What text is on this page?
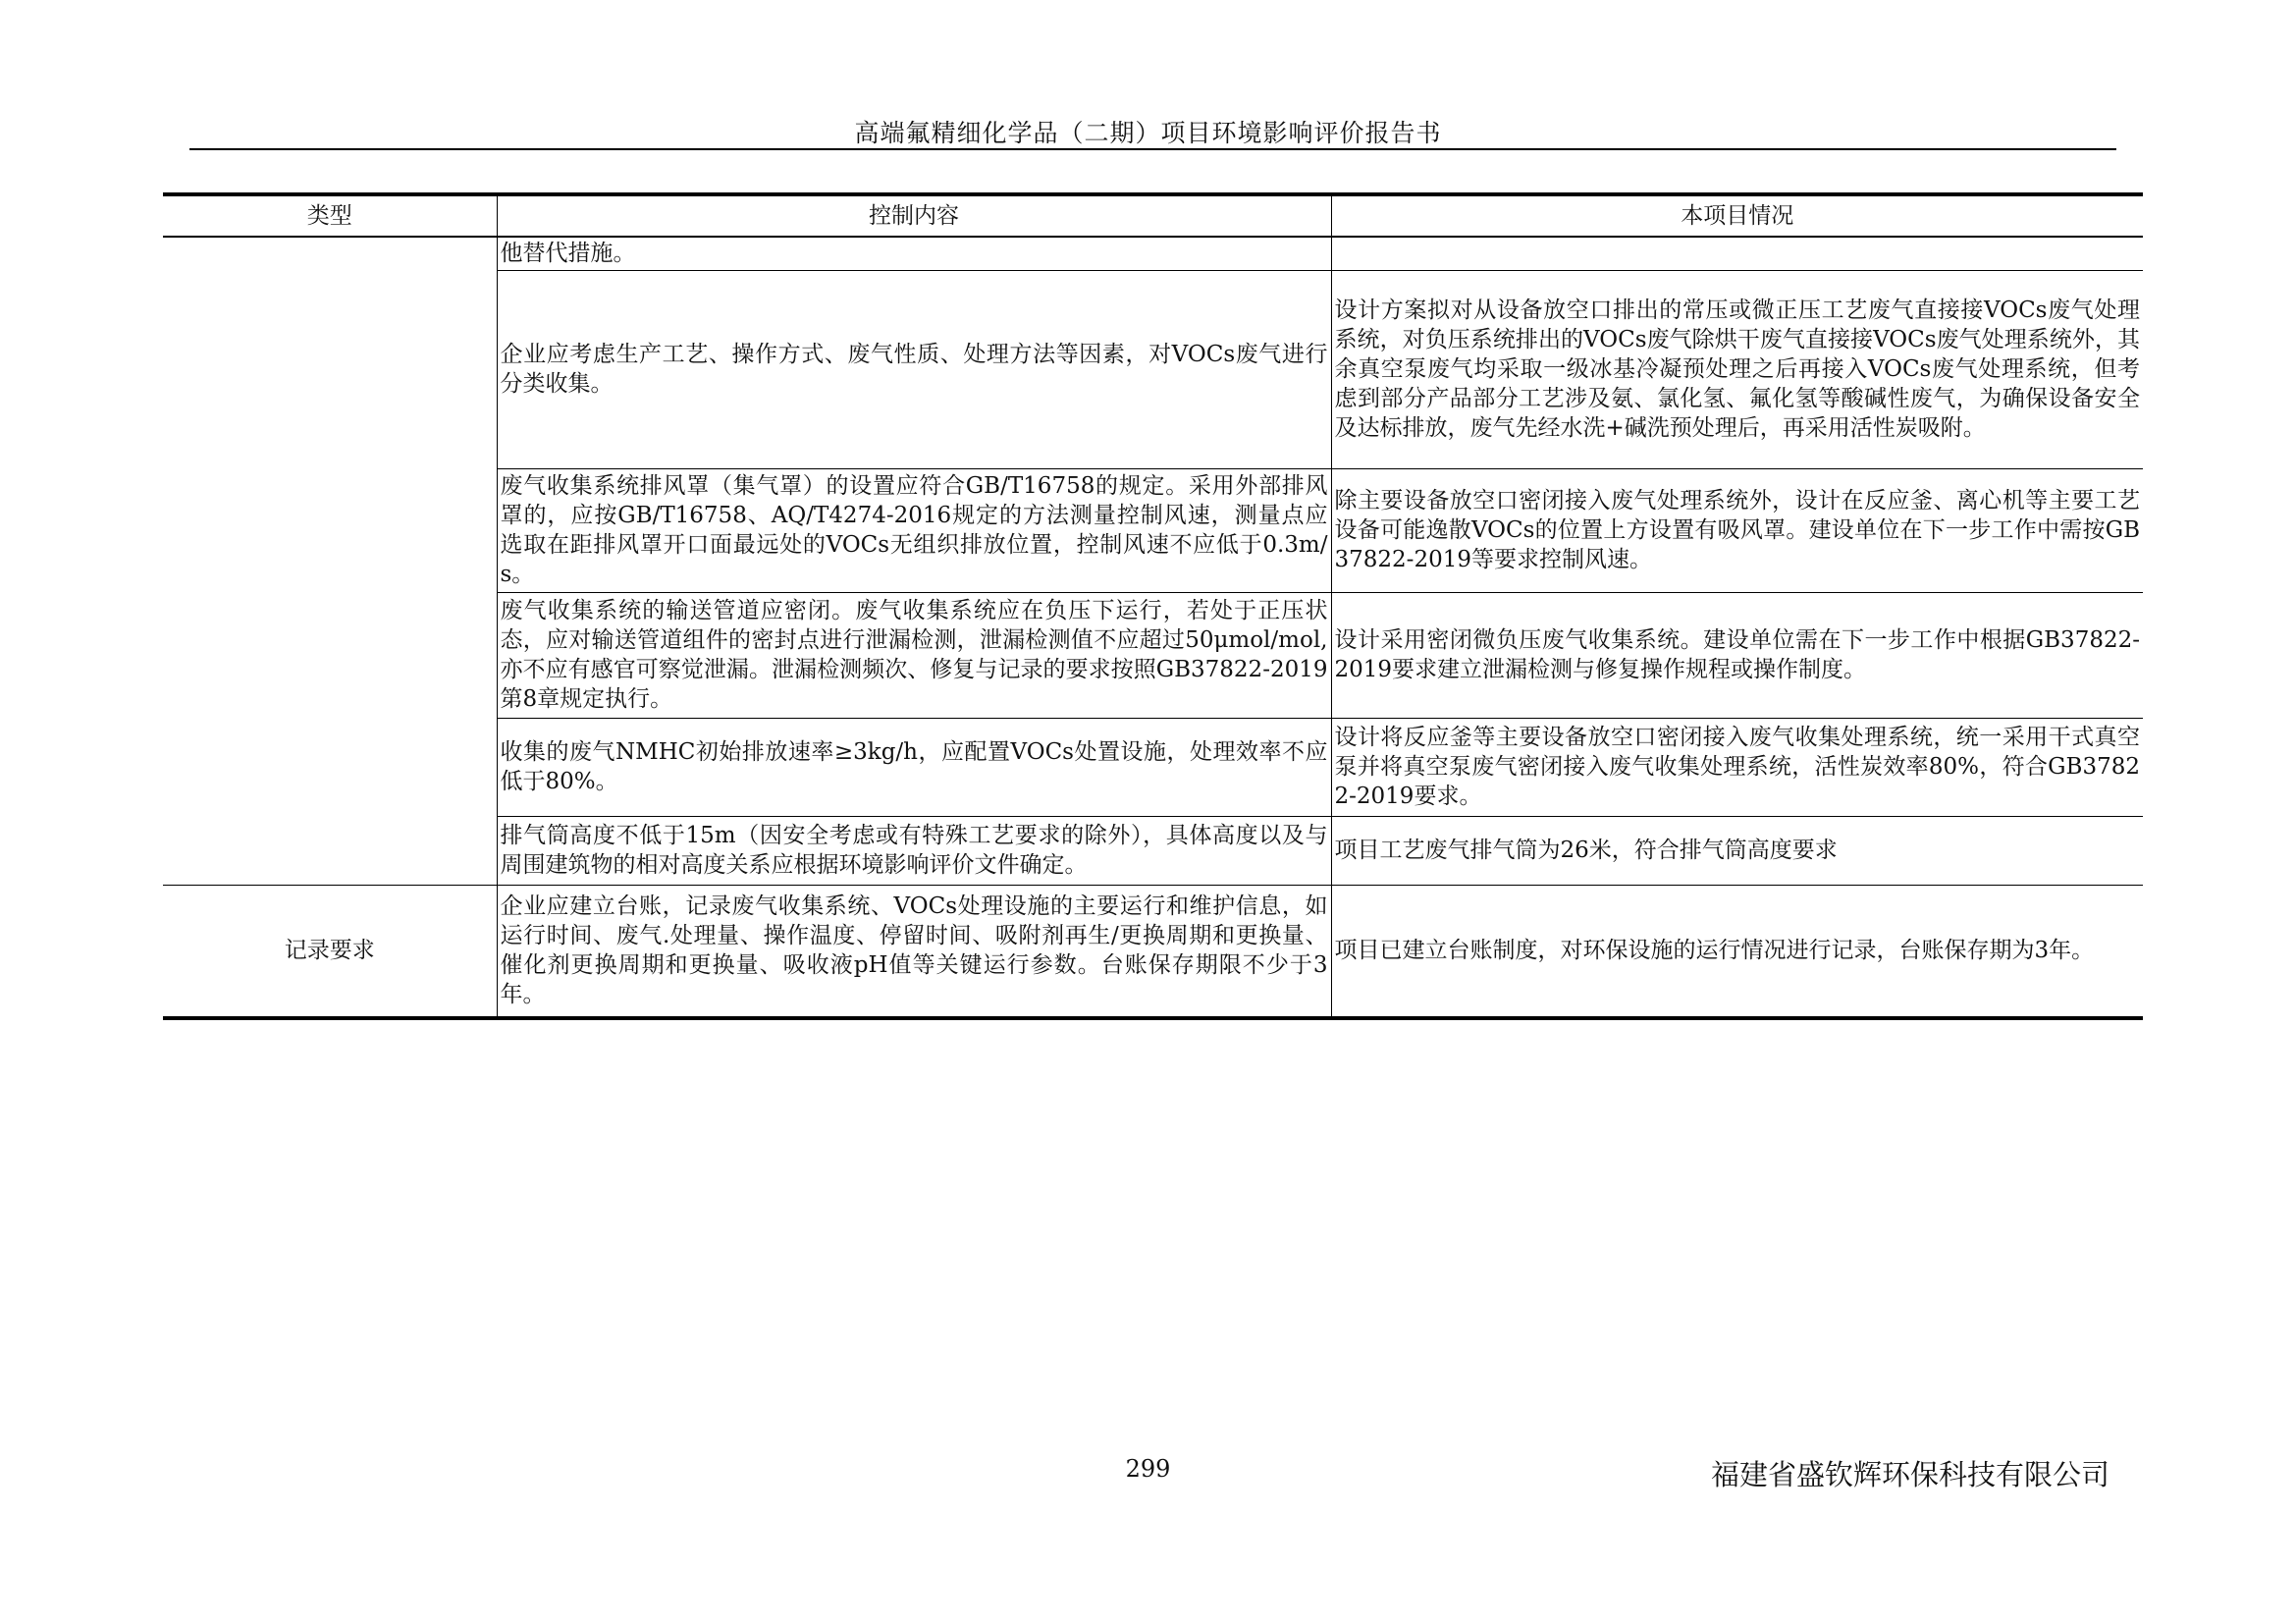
高端氟精细化学品（二期）项目环境影响评价报告书
类型	控制内容	本项目情况
	他替代措施。	
	企业应考虑生产工艺、操作方式、废气性质、处理方法等因素，对VOCs废气进行分类收集。	设计方案拟对从设备放空口排出的常压或微正压工艺废气直接接VOCs废气处理系统，对负压系统排出的VOCs废气除烘干废气直接接VOCs废气处理系统外，其余真空泵废气均采取一级冰基冷凝预处理之后再接入VOCs废气处理系统，但考虑到部分产品部分工艺涉及氨、氯化氢、氟化氢等酸碱性废气，为确保设备安全及达标排放，废气先经水洗+碱洗预处理后，再采用活性炭吸附。
	废气收集系统排风罩（集气罩）的设置应符合GB/T16758的规定。采用外部排风罩的，应按GB/T16758、AQ/T4274-2016规定的方法测量控制风速，测量点应选取在距排风罩开口面最远处的VOCs无组织排放位置，控制风速不应低于0.3m/s。	除主要设备放空口密闭接入废气处理系统外，设计在反应釜、离心机等主要工艺设备可能逸散VOCs的位置上方设置有吸风罩。建设单位在下一步工作中需按GB37822-2019等要求控制风速。
	废气收集系统的输送管道应密闭。废气收集系统应在负压下运行，若处于正压状态，应对输送管道组件的密封点进行泄漏检测，泄漏检测值不应超过50μmol/mol,亦不应有感官可察觉泄漏。泄漏检测频次、修复与记录的要求按照GB37822-2019第8章规定执行。	设计采用密闭微负压废气收集系统。建设单位需在下一步工作中根据GB37822-2019要求建立泄漏检测与修复操作规程或操作制度。
	收集的废气NMHC初始排放速率≥3kg/h，应配置VOCs处置设施，处理效率不应低于80%。	设计将反应釜等主要设备放空口密闭接入废气收集处理系统，统一采用干式真空泵并将真空泵废气密闭接入废气收集处理系统，活性炭效率80%，符合GB37822-2019要求。
	排气筒高度不低于15m（因安全考虑或有特殊工艺要求的除外），具体高度以及与周围建筑物的相对高度关系应根据环境影响评价文件确定。	项目工艺废气排气筒为26米，符合排气筒高度要求
记录要求	企业应建立台账，记录废气收集系统、VOCs处理设施的主要运行和维护信息，如运行时间、废气.处理量、操作温度、停留时间、吸附剂再生/更换周期和更换量、催化剂更换周期和更换量、吸收液pH值等关键运行参数。台账保存期限不少于3年。	项目已建立台账制度，对环保设施的运行情况进行记录，台账保存期为3年。
299	福建省盛钦辉环保科技有限公司
